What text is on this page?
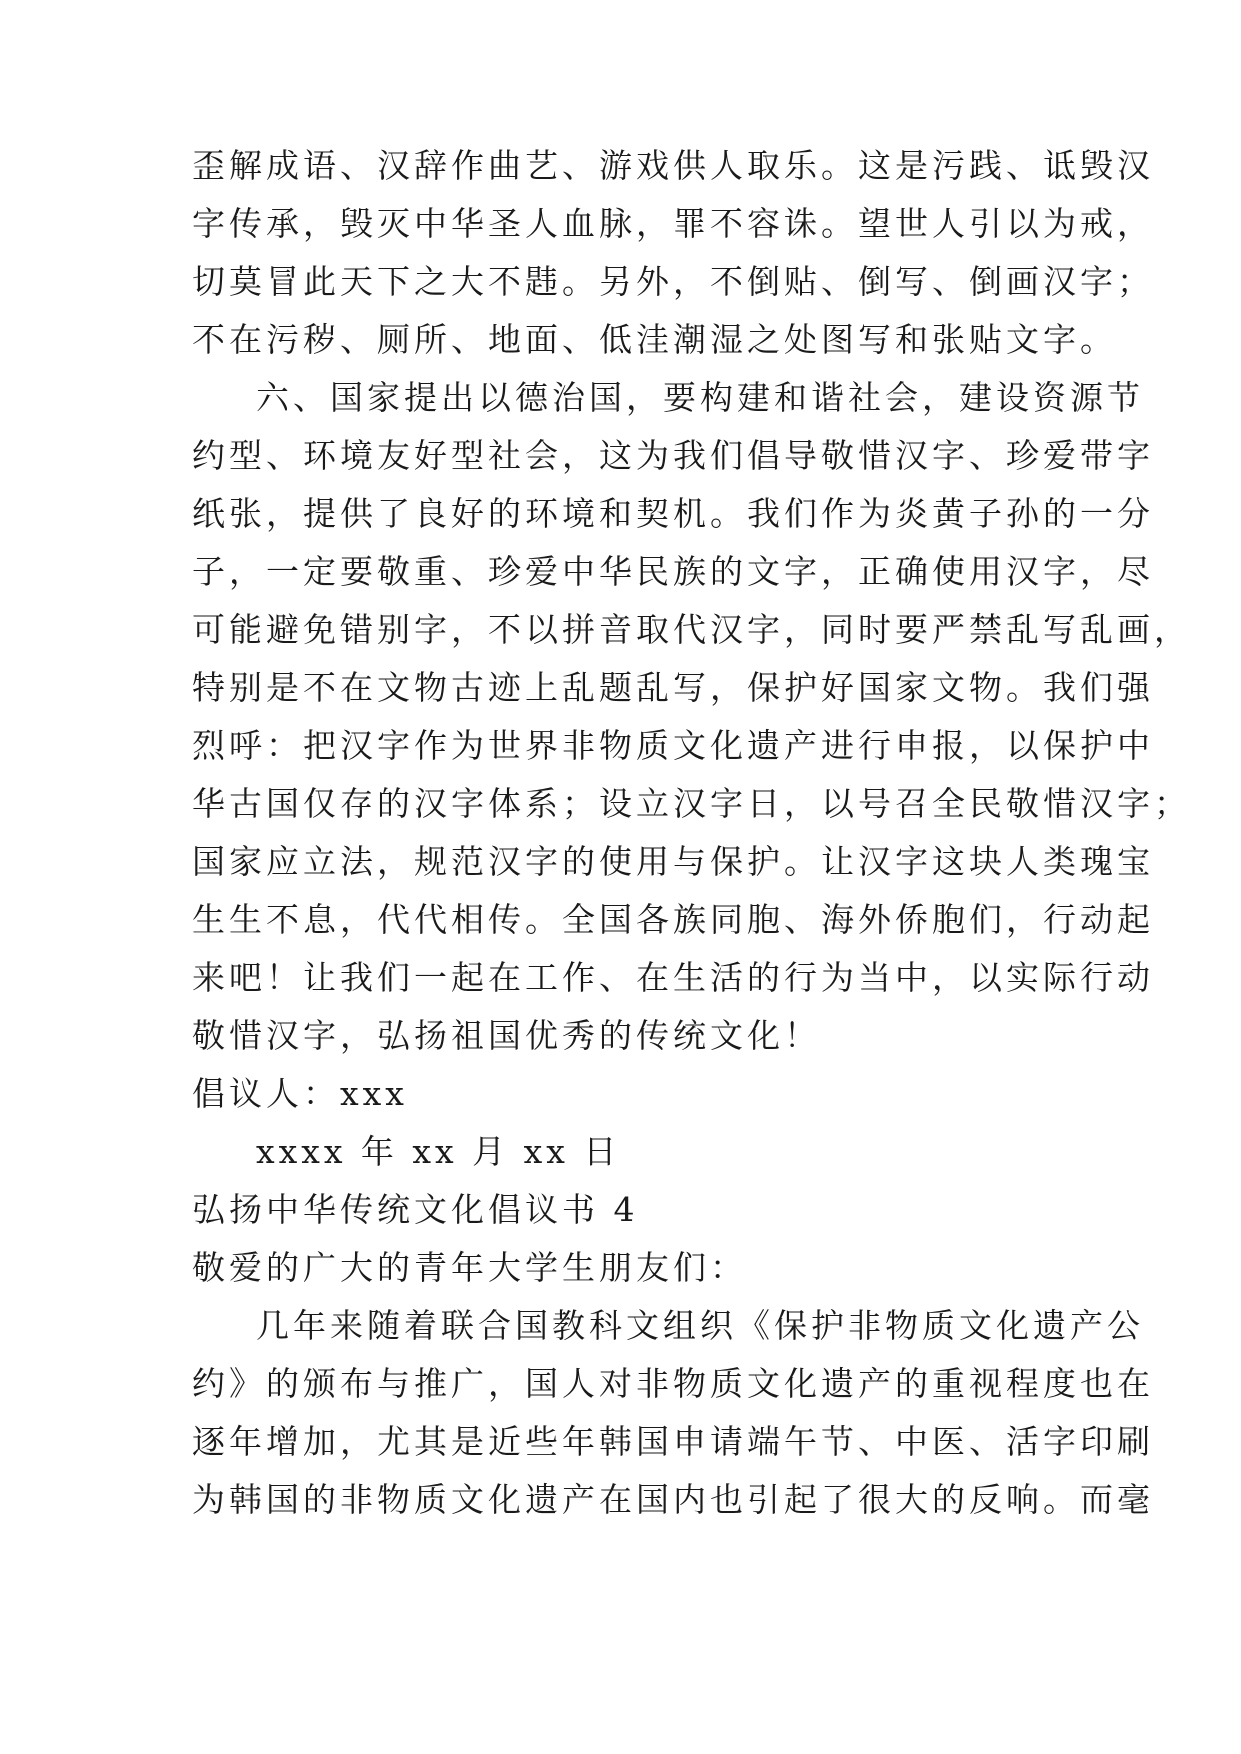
歪解成语、汉辞作曲艺、游戏供人取乐。这是污践、诋毁汉
字传承，毁灭中华圣人血脉，罪不容诛。望世人引以为戒，
切莫冒此天下之大不韪。另外，不倒贴、倒写、倒画汉字；
不在污秽、厕所、地面、低洼潮湿之处图写和张贴文字。
六、国家提出以德治国，要构建和谐社会，建设资源节
约型、环境友好型社会，这为我们倡导敬惜汉字、珍爱带字
纸张，提供了良好的环境和契机。我们作为炎黄子孙的一分
子，一定要敬重、珍爱中华民族的文字，正确使用汉字，尽
可能避免错别字，不以拼音取代汉字，同时要严禁乱写乱画，
特别是不在文物古迹上乱题乱写，保护好国家文物。我们强
烈呼：把汉字作为世界非物质文化遗产进行申报，以保护中
华古国仅存的汉字体系；设立汉字日，以号召全民敬惜汉字；
国家应立法，规范汉字的使用与保护。让汉字这块人类瑰宝
生生不息，代代相传。全国各族同胞、海外侨胞们，行动起
来吧！让我们一起在工作、在生活的行为当中，以实际行动
敬惜汉字，弘扬祖国优秀的传统文化！
倡议人：xxx
xxxx 年 xx 月 xx 日
弘扬中华传统文化倡议书 4
敬爱的广大的青年大学生朋友们：
几年来随着联合国教科文组织《保护非物质文化遗产公
约》的颁布与推广，国人对非物质文化遗产的重视程度也在
逐年增加，尤其是近些年韩国申请端午节、中医、活字印刷
为韩国的非物质文化遗产在国内也引起了很大的反响。而毫
